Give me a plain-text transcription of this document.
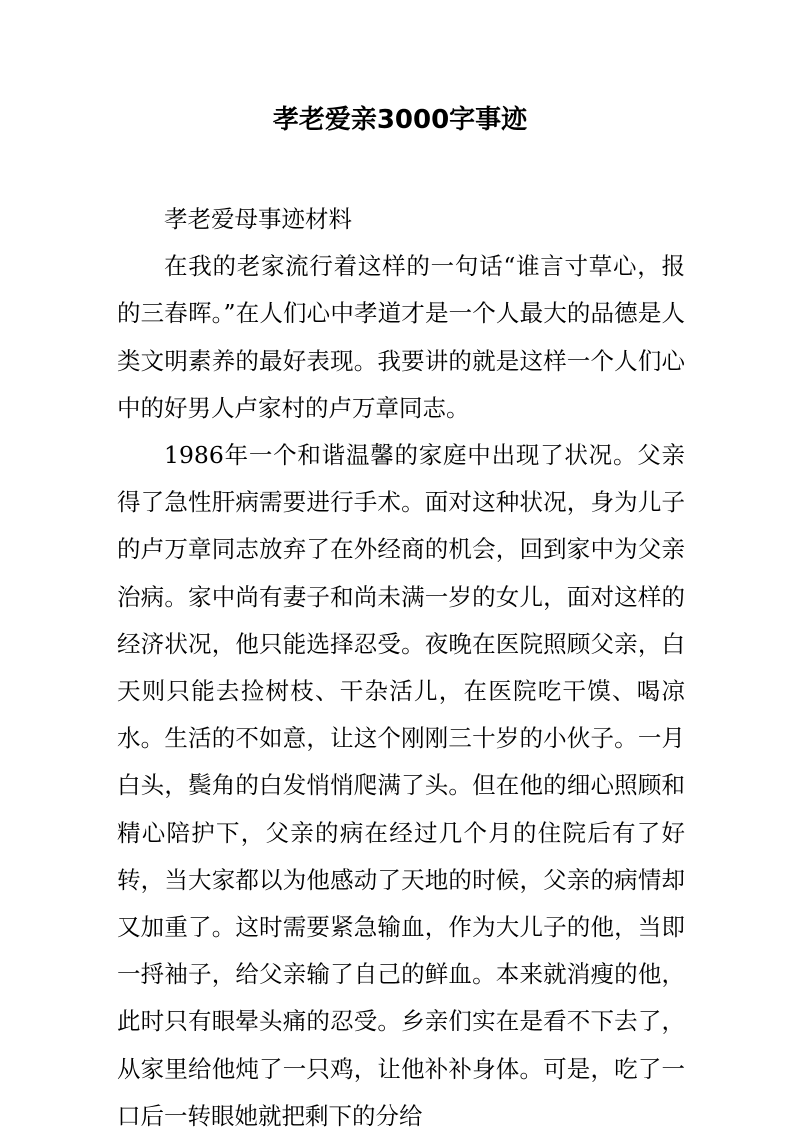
孝老爱亲3000字事迹

孝老爱母事迹材料

在我的老家流行着这样的一句话“谁言寸草心，报的三春晖。”在人们心中孝道才是一个人最大的品德是人类文明素养的最好表现。我要讲的就是这样一个人们心中的好男人卢家村的卢万章同志。

1986年一个和谐温馨的家庭中出现了状况。父亲得了急性肝病需要进行手术。面对这种状况，身为儿子的卢万章同志放弃了在外经商的机会，回到家中为父亲治病。家中尚有妻子和尚未满一岁的女儿，面对这样的经济状况，他只能选择忍受。夜晚在医院照顾父亲，白天则只能去捡树枝、干杂活儿，在医院吃干馍、喝凉水。生活的不如意，让这个刚刚三十岁的小伙子。一月白头，鬓角的白发悄悄爬满了头。但在他的细心照顾和精心陪护下，父亲的病在经过几个月的住院后有了好转，当大家都以为他感动了天地的时候，父亲的病情却又加重了。这时需要紧急输血，作为大儿子的他，当即一捋袖子，给父亲输了自己的鲜血。本来就消瘦的他，此时只有眼晕头痛的忍受。乡亲们实在是看不下去了，从家里给他炖了一只鸡，让他补补身体。可是，吃了一口后一转眼她就把剩下的分给
